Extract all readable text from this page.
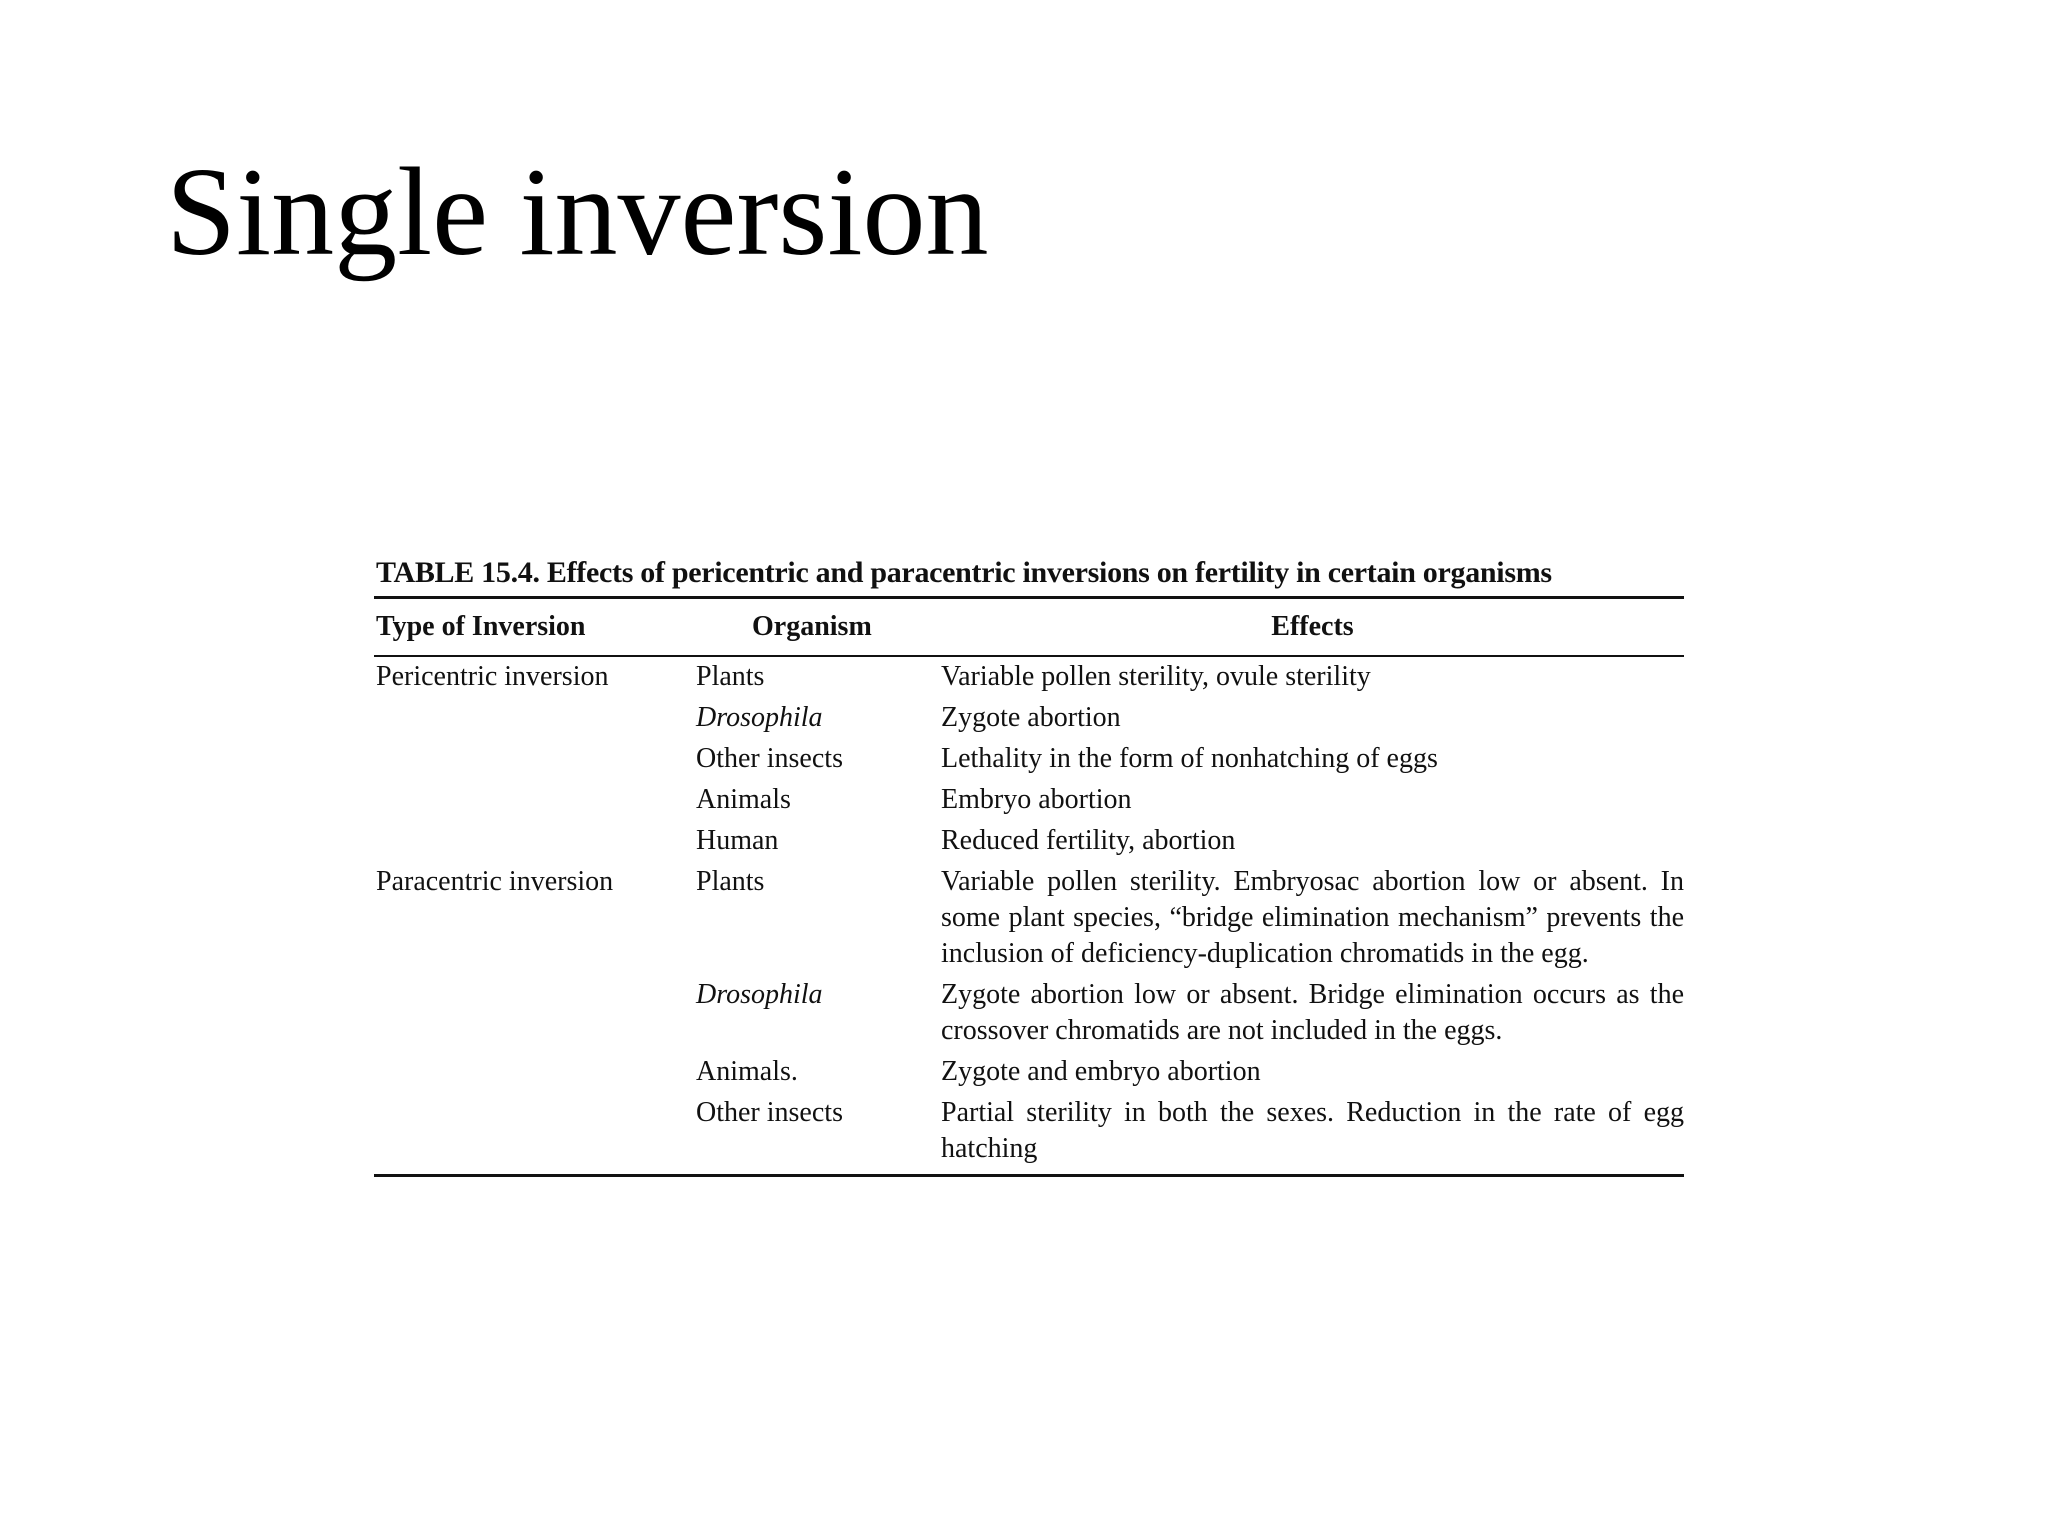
Single inversion
TABLE 15.4. Effects of pericentric and paracentric inversions on fertility in certain organisms
Type of Inversion	Organism	Effects

Pericentric inversion	Plants	Variable pollen sterility, ovule sterility
	Drosophila	Zygote abortion
	Other insects	Lethality in the form of nonhatching of eggs
	Animals	Embryo abortion
	Human	Reduced fertility, abortion
Paracentric inversion	Plants	Variable pollen sterility. Embryosac abortion low or absent. In some plant species, “bridge elimination mechanism” prevents the inclusion of deficiency-duplication chromatids in the egg.
	Drosophila	Zygote abortion low or absent. Bridge elimination occurs as the crossover chromatids are not included in the eggs.
	Animals.	Zygote and embryo abortion
	Other insects	Partial sterility in both the sexes. Reduction in the rate of egg hatching
